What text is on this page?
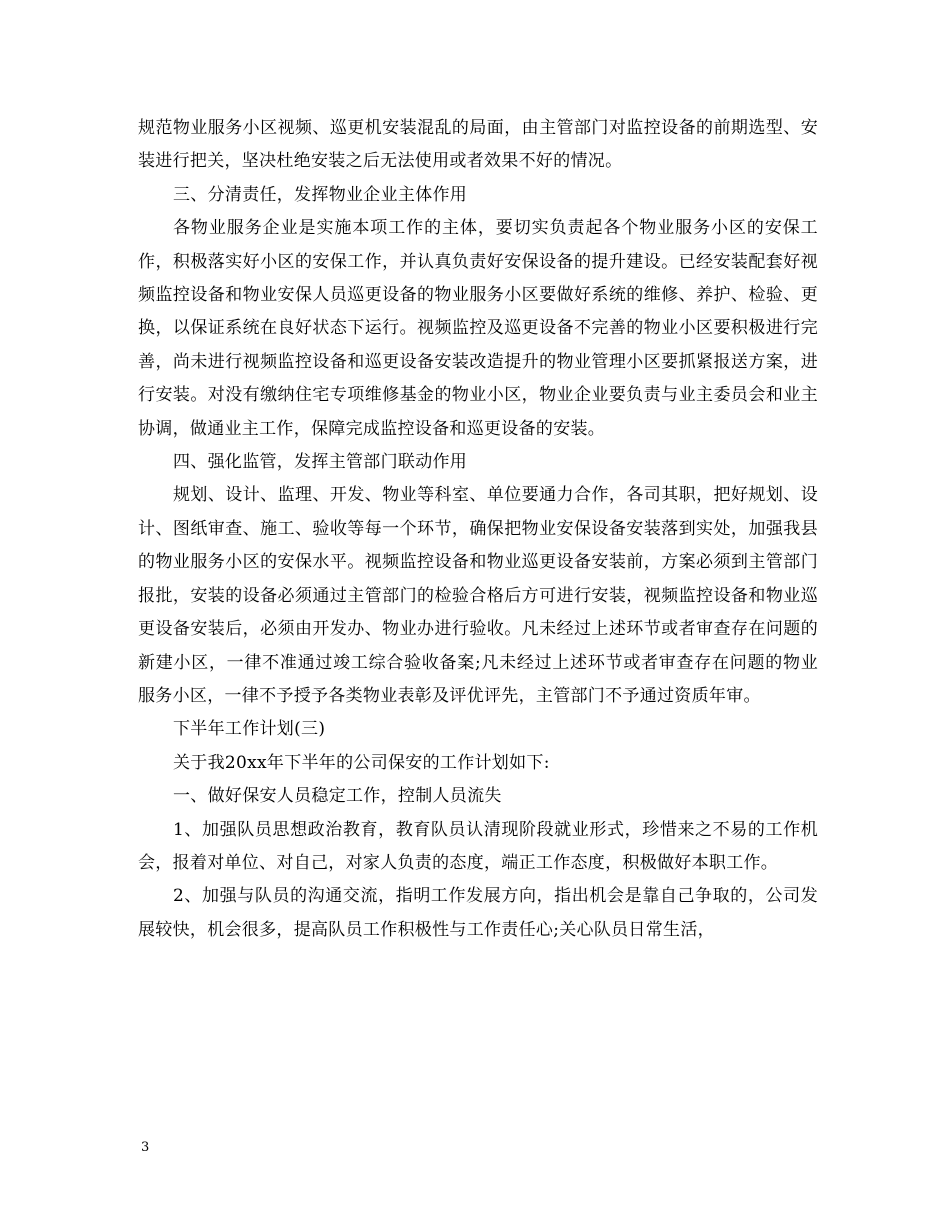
规范物业服务小区视频、巡更机安装混乱的局面，由主管部门对监控设备的前期选型、安装进行把关，坚决杜绝安装之后无法使用或者效果不好的情况。

三、分清责任，发挥物业企业主体作用

各物业服务企业是实施本项工作的主体，要切实负责起各个物业服务小区的安保工作，积极落实好小区的安保工作，并认真负责好安保设备的提升建设。已经安装配套好视频监控设备和物业安保人员巡更设备的物业服务小区要做好系统的维修、养护、检验、更换，以保证系统在良好状态下运行。视频监控及巡更设备不完善的物业小区要积极进行完善，尚未进行视频监控设备和巡更设备安装改造提升的物业管理小区要抓紧报送方案，进行安装。对没有缴纳住宅专项维修基金的物业小区，物业企业要负责与业主委员会和业主协调，做通业主工作，保障完成监控设备和巡更设备的安装。

四、强化监管，发挥主管部门联动作用

规划、设计、监理、开发、物业等科室、单位要通力合作，各司其职，把好规划、设计、图纸审查、施工、验收等每一个环节，确保把物业安保设备安装落到实处，加强我县的物业服务小区的安保水平。视频监控设备和物业巡更设备安装前，方案必须到主管部门报批，安装的设备必须通过主管部门的检验合格后方可进行安装，视频监控设备和物业巡更设备安装后，必须由开发办、物业办进行验收。凡未经过上述环节或者审查存在问题的新建小区，一律不准通过竣工综合验收备案;凡未经过上述环节或者审查存在问题的物业服务小区，一律不予授予各类物业表彰及评优评先，主管部门不予通过资质年审。

下半年工作计划(三)

关于我20xx年下半年的公司保安的工作计划如下:

一、做好保安人员稳定工作，控制人员流失

1、加强队员思想政治教育，教育队员认清现阶段就业形式，珍惜来之不易的工作机会，报着对单位、对自己，对家人负责的态度，端正工作态度，积极做好本职工作。

2、加强与队员的沟通交流，指明工作发展方向，指出机会是靠自己争取的，公司发展较快，机会很多，提高队员工作积极性与工作责任心;关心队员日常生活，

3
